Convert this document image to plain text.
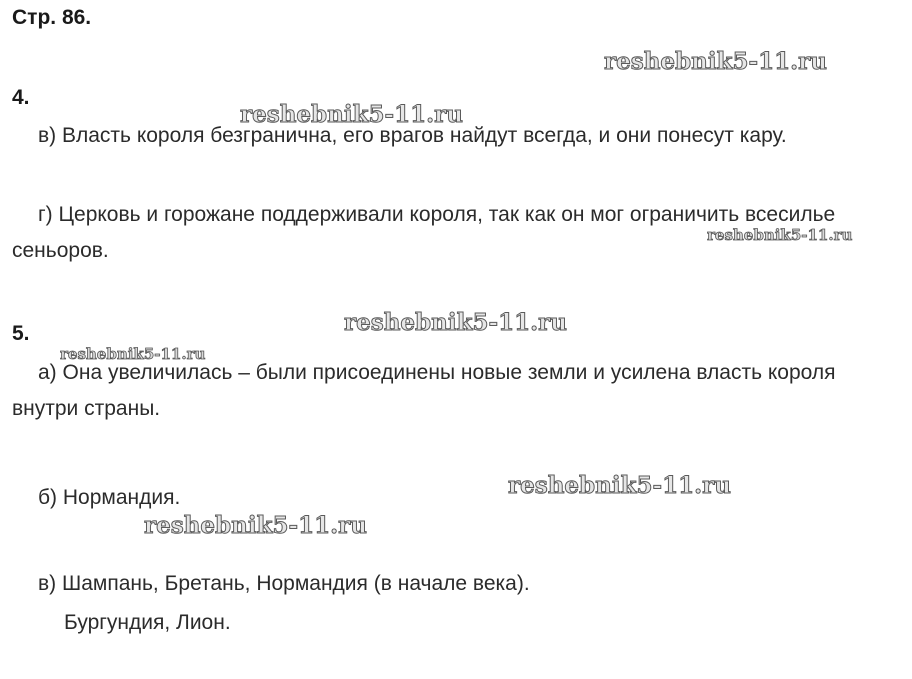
Стр. 86.
reshebnik5-11.ru
4.
reshebnik5-11.ru
в) Власть короля безгранична, его врагов найдут всегда, и они понесут кару.
г) Церковь и горожане поддерживали короля, так как он мог ограничить всесилье сеньоров.
reshebnik5-11.ru
5.	reshebnik5-11.ru
reshebnik5-11.ru
а) Она увеличилась – были присоединены новые земли и усилена власть короля внутри страны.
reshebnik5-11.ru
б) Нормандия.
reshebnik5-11.ru
в) Шампань, Бретань, Нормандия (в начале века).
Бургундия, Лион.
